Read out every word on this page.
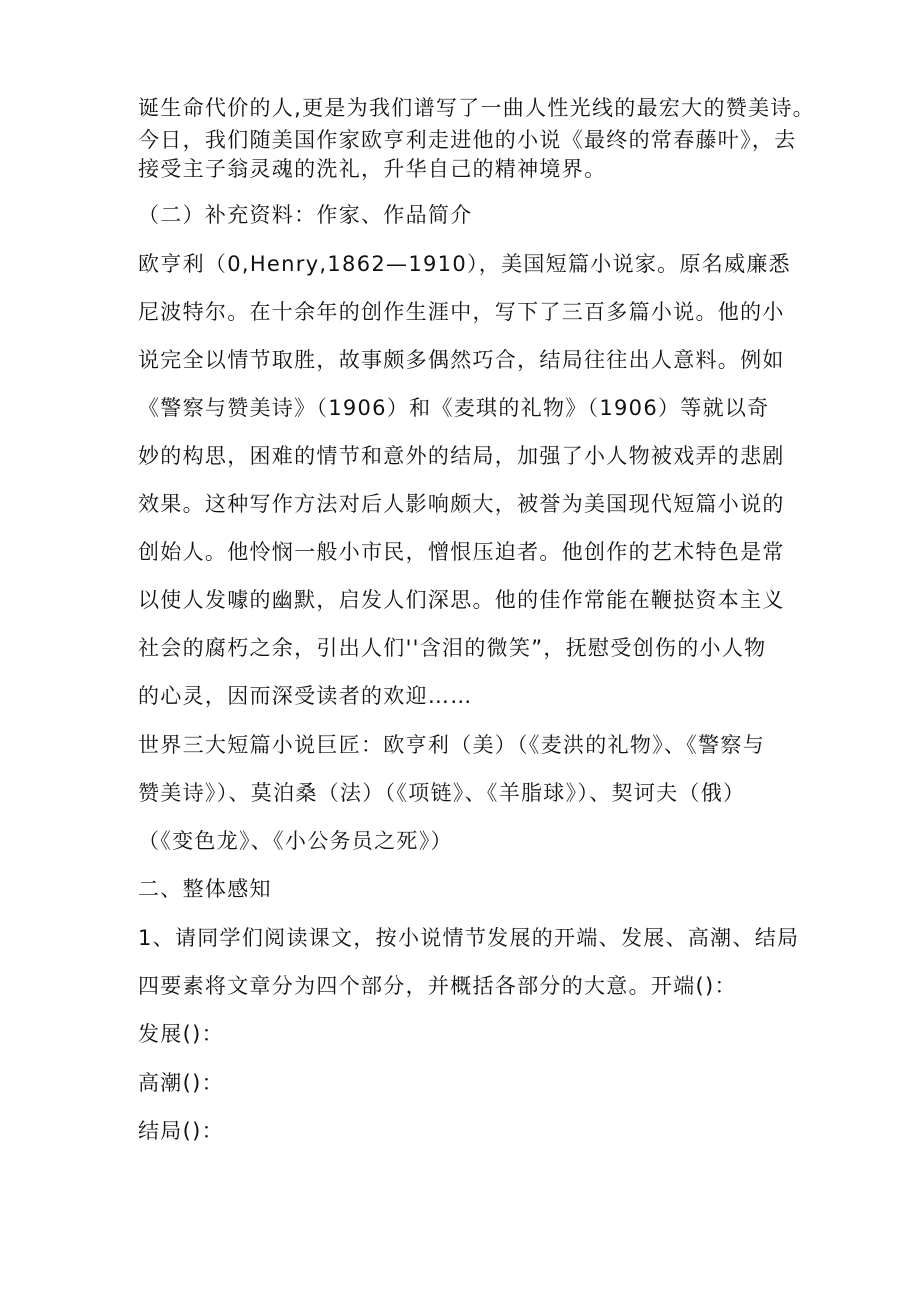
诞生命代价的人,更是为我们谱写了一曲人性光线的最宏大的赞美诗。
今日，我们随美国作家欧亨利走进他的小说《最终的常春藤叶》，去
接受主子翁灵魂的洗礼，升华自己的精神境界。
（二）补充资料：作家、作品简介
欧亨利（0,Henry,1862—1910），美国短篇小说家。原名威廉悉
尼波特尔。在十余年的创作生涯中，写下了三百多篇小说。他的小
说完全以情节取胜，故事颇多偶然巧合，结局往往出人意料。例如
《警察与赞美诗》（1906）和《麦琪的礼物》（1906）等就以奇
妙的构思，困难的情节和意外的结局，加强了小人物被戏弄的悲剧
效果。这种写作方法对后人影响颇大，被誉为美国现代短篇小说的
创始人。他怜悯一般小市民，憎恨压迫者。他创作的艺术特色是常
以使人发噱的幽默，启发人们深思。他的佳作常能在鞭挞资本主义
社会的腐朽之余，引出人们''含泪的微笑”，抚慰受创伤的小人物
的心灵，因而深受读者的欢迎……
世界三大短篇小说巨匠：欧亨利（美）（《麦洪的礼物》、《警察与
赞美诗》）、莫泊桑（法）（《项链》、《羊脂球》）、契诃夫（俄）
（《变色龙》、《小公务员之死》）
二、整体感知
1、请同学们阅读课文，按小说情节发展的开端、发展、高潮、结局
四要素将文章分为四个部分，并概括各部分的大意。开端()：
发展()：
高潮()：
结局()：
